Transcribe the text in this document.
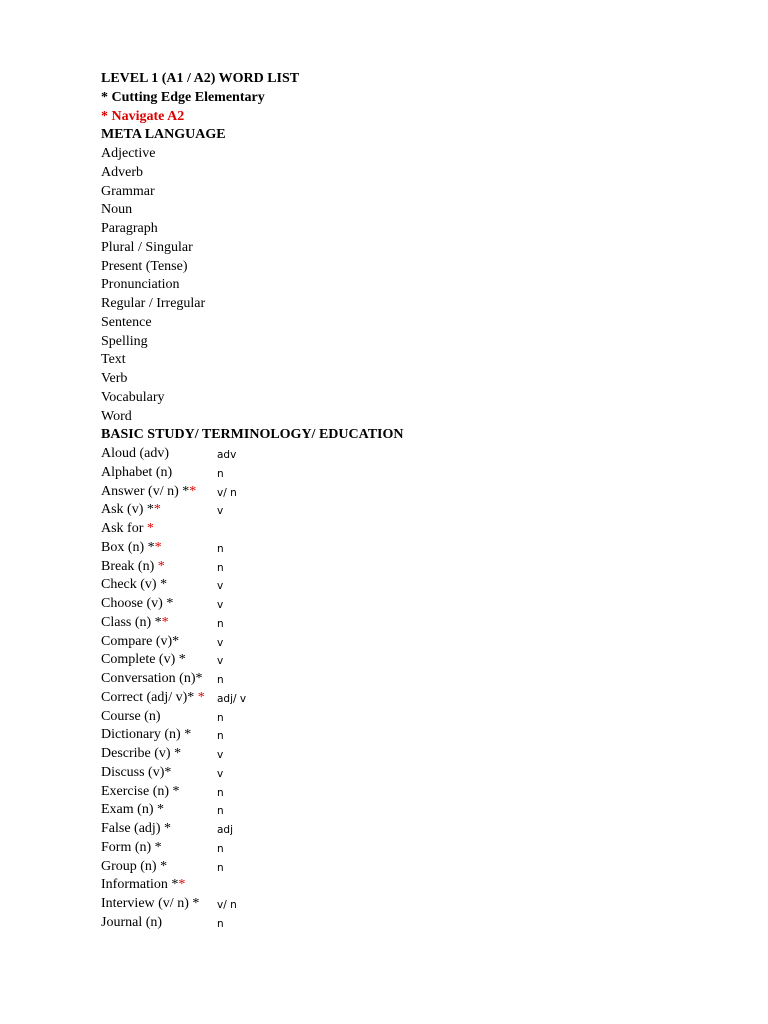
LEVEL 1 (A1 / A2) WORD LIST
* Cutting Edge Elementary
* Navigate A2
META LANGUAGE
Adjective
Adverb
Grammar
Noun
Paragraph
Plural / Singular
Present (Tense)
Pronunciation
Regular / Irregular
Sentence
Spelling
Text
Verb
Vocabulary
Word
BASIC STUDY/ TERMINOLOGY/ EDUCATION
Aloud (adv)	adv
Alphabet (n)	n
Answer (v/ n) ** v/ n
Ask (v) **	v
Ask for *
Box (n) **	n
Break (n) *	n
Check (v) *	v
Choose (v) *	v
Class (n) **	n
Compare (v)*	v
Complete (v) *	v
Conversation (n)* n
Correct (adj/ v)* * adj/ v
Course (n)	n
Dictionary (n) * n
Describe (v) *	v
Discuss (v)*	v
Exercise (n) *	n
Exam (n) *	n
False (adj) *	adj
Form (n) *	n
Group (n) *	n
Information **
Interview (v/ n) * v/ n
Journal (n)	n
